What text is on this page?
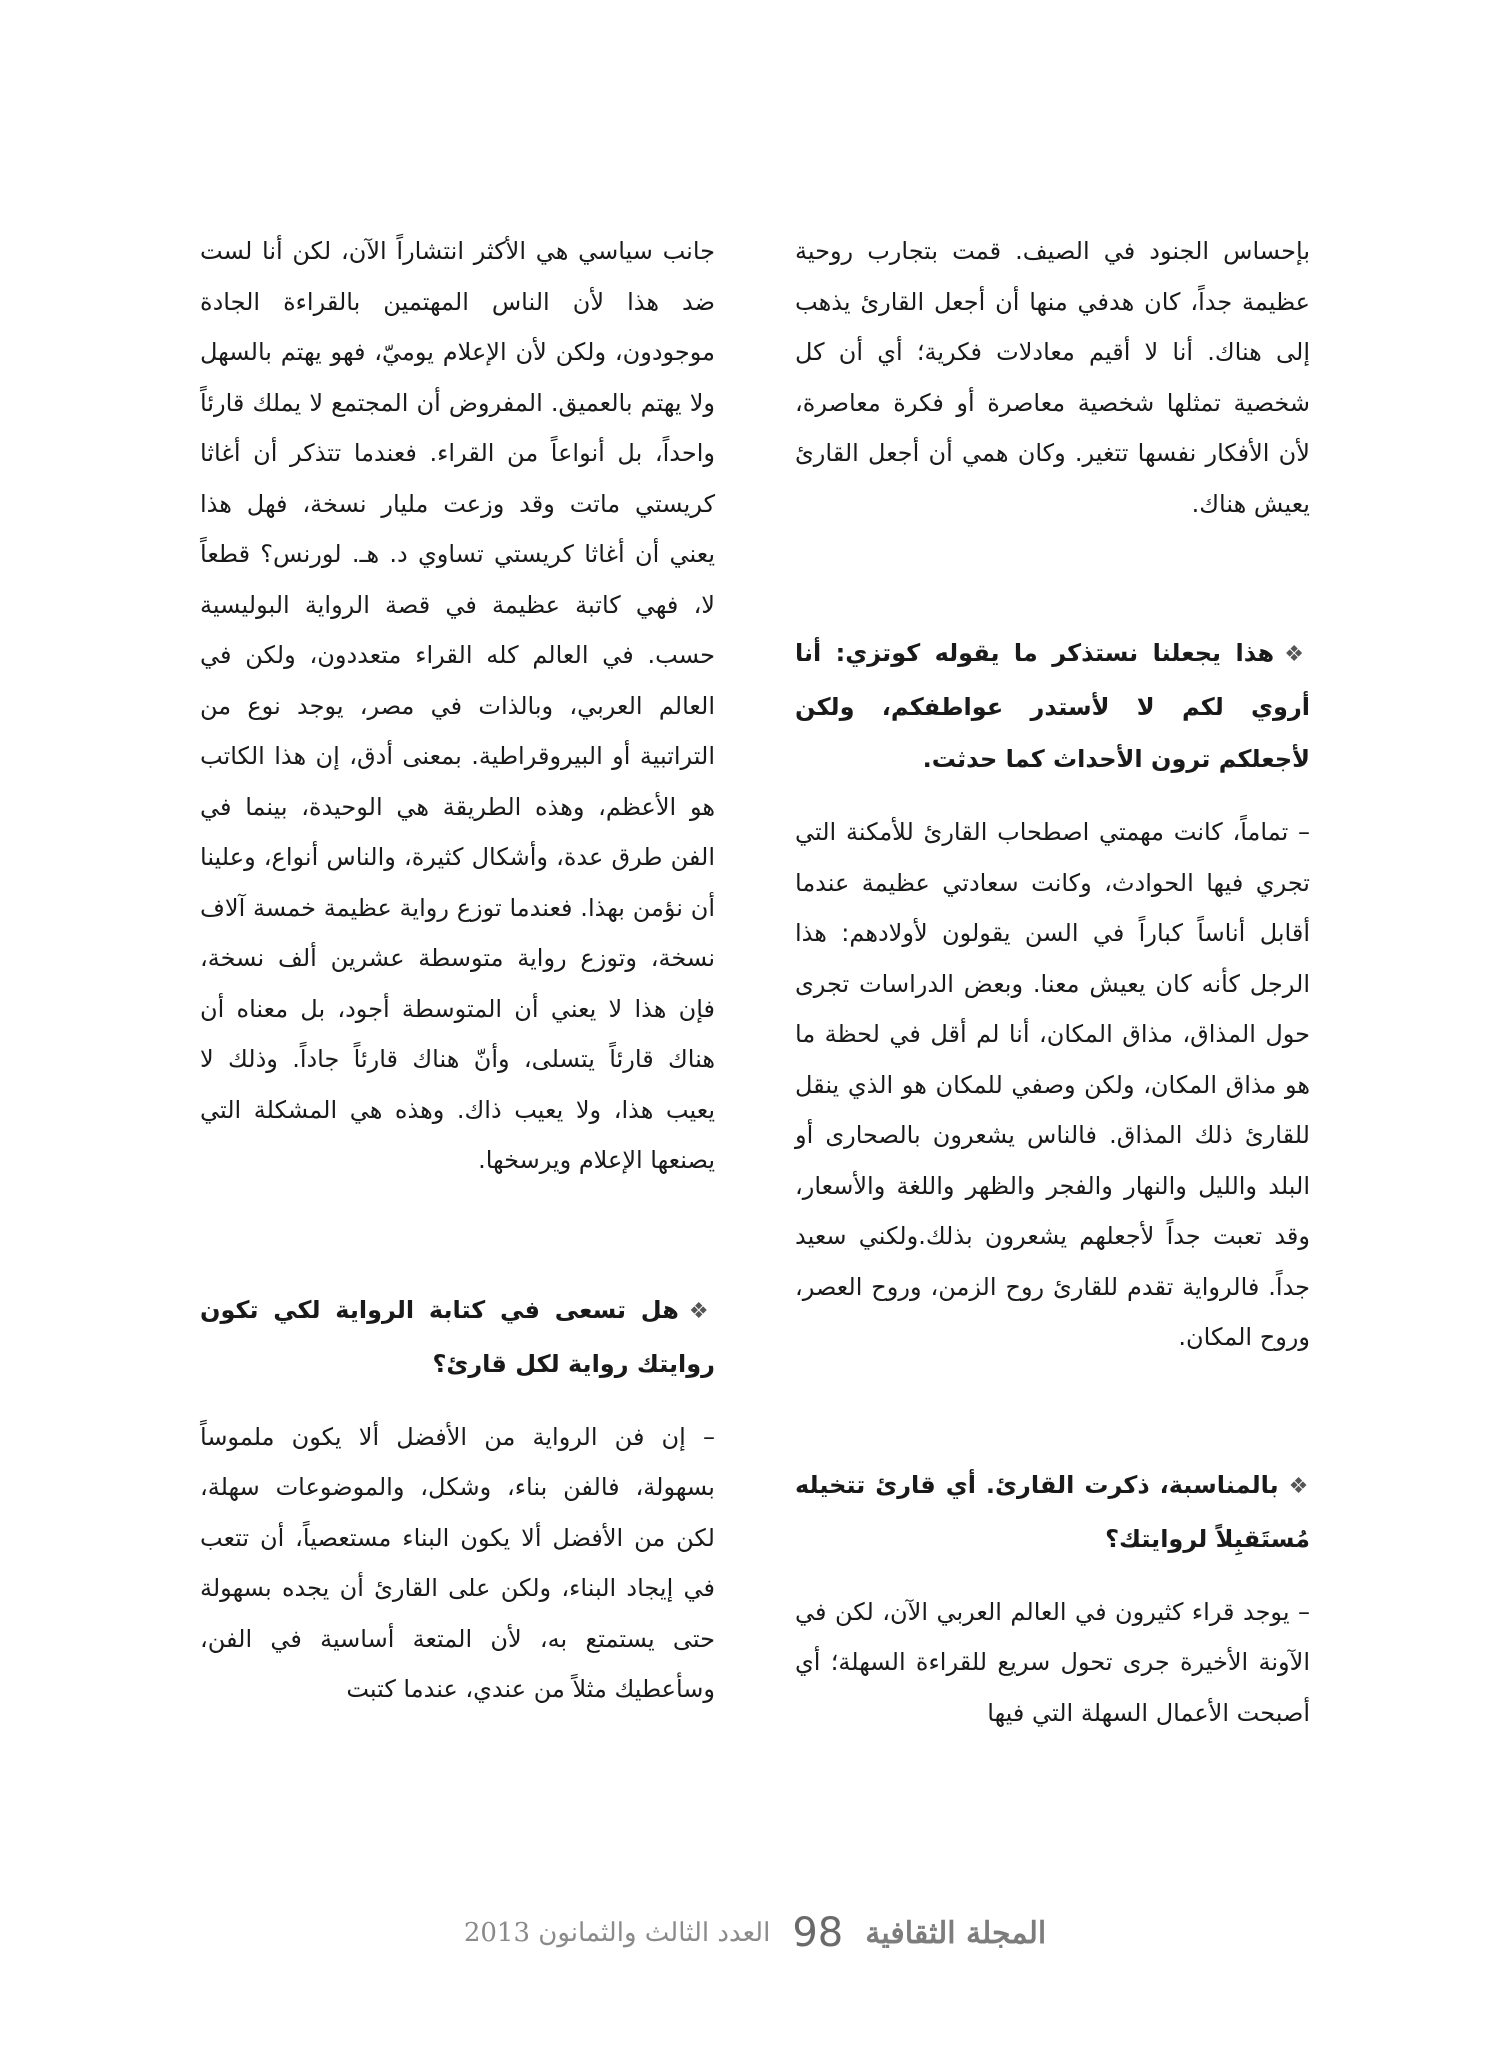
بإحساس الجنود في الصيف. قمت بتجارب روحية عظيمة جداً، كان هدفي منها أن أجعل القارئ يذهب إلى هناك. أنا لا أقيم معادلات فكرية؛ أي أن كل شخصية تمثلها شخصية معاصرة أو فكرة معاصرة، لأن الأفكار نفسها تتغير. وكان همي أن أجعل القارئ يعيش هناك.

❖هذا يجعلنا نستذكر ما يقوله كوتزي: أنا أروي لكم لا لأستدر عواطفكم، ولكن لأجعلكم ترون الأحداث كما حدثت.

– تماماً، كانت مهمتي اصطحاب القارئ للأمكنة التي تجري فيها الحوادث، وكانت سعادتي عظيمة عندما أقابل أناساً كباراً في السن يقولون لأولادهم: هذا الرجل كأنه كان يعيش معنا. وبعض الدراسات تجرى حول المذاق، مذاق المكان، أنا لم أقل في لحظة ما هو مذاق المكان، ولكن وصفي للمكان هو الذي ينقل للقارئ ذلك المذاق. فالناس يشعرون بالصحارى أو البلد والليل والنهار والفجر والظهر واللغة والأسعار، وقد تعبت جداً لأجعلهم يشعرون بذلك.ولكني سعيد جداً. فالرواية تقدم للقارئ روح الزمن، وروح العصر، وروح المكان.

❖بالمناسبة، ذكرت القارئ. أي قارئ تتخيله مُستَقبِلاً لروايتك؟

– يوجد قراء كثيرون في العالم العربي الآن، لكن في الآونة الأخيرة جرى تحول سريع للقراءة السهلة؛ أي أصبحت الأعمال السهلة التي فيها

جانب سياسي هي الأكثر انتشاراً الآن، لكن أنا لست ضد هذا لأن الناس المهتمين بالقراءة الجادة موجودون، ولكن لأن الإعلام يوميّ، فهو يهتم بالسهل ولا يهتم بالعميق. المفروض أن المجتمع لا يملك قارئاً واحداً، بل أنواعاً من القراء. فعندما تتذكر أن أغاثا كريستي ماتت وقد وزعت مليار نسخة، فهل هذا يعني أن أغاثا كريستي تساوي د. هـ. لورنس؟ قطعاً لا، فهي كاتبة عظيمة في قصة الرواية البوليسية حسب. في العالم كله القراء متعددون، ولكن في العالم العربي، وبالذات في مصر، يوجد نوع من التراتبية أو البيروقراطية. بمعنى أدق، إن هذا الكاتب هو الأعظم، وهذه الطريقة هي الوحيدة، بينما في الفن طرق عدة، وأشكال كثيرة، والناس أنواع، وعلينا أن نؤمن بهذا. فعندما توزع رواية عظيمة خمسة آلاف نسخة، وتوزع رواية متوسطة عشرين ألف نسخة، فإن هذا لا يعني أن المتوسطة أجود، بل معناه أن هناك قارئاً يتسلى، وأنّ هناك قارئاً جاداً. وذلك لا يعيب هذا، ولا يعيب ذاك. وهذه هي المشكلة التي يصنعها الإعلام ويرسخها.

❖هل تسعى في كتابة الرواية لكي تكون روايتك رواية لكل قارئ؟

– إن فن الرواية من الأفضل ألا يكون ملموساً بسهولة، فالفن بناء، وشكل، والموضوعات سهلة، لكن من الأفضل ألا يكون البناء مستعصياً، أن تتعب في إيجاد البناء، ولكن على القارئ أن يجده بسهولة حتى يستمتع به، لأن المتعة أساسية في الفن، وسأعطيك مثلاً من عندي، عندما كتبت

المجلة الثقافية
98
العدد الثالث والثمانون 2013
